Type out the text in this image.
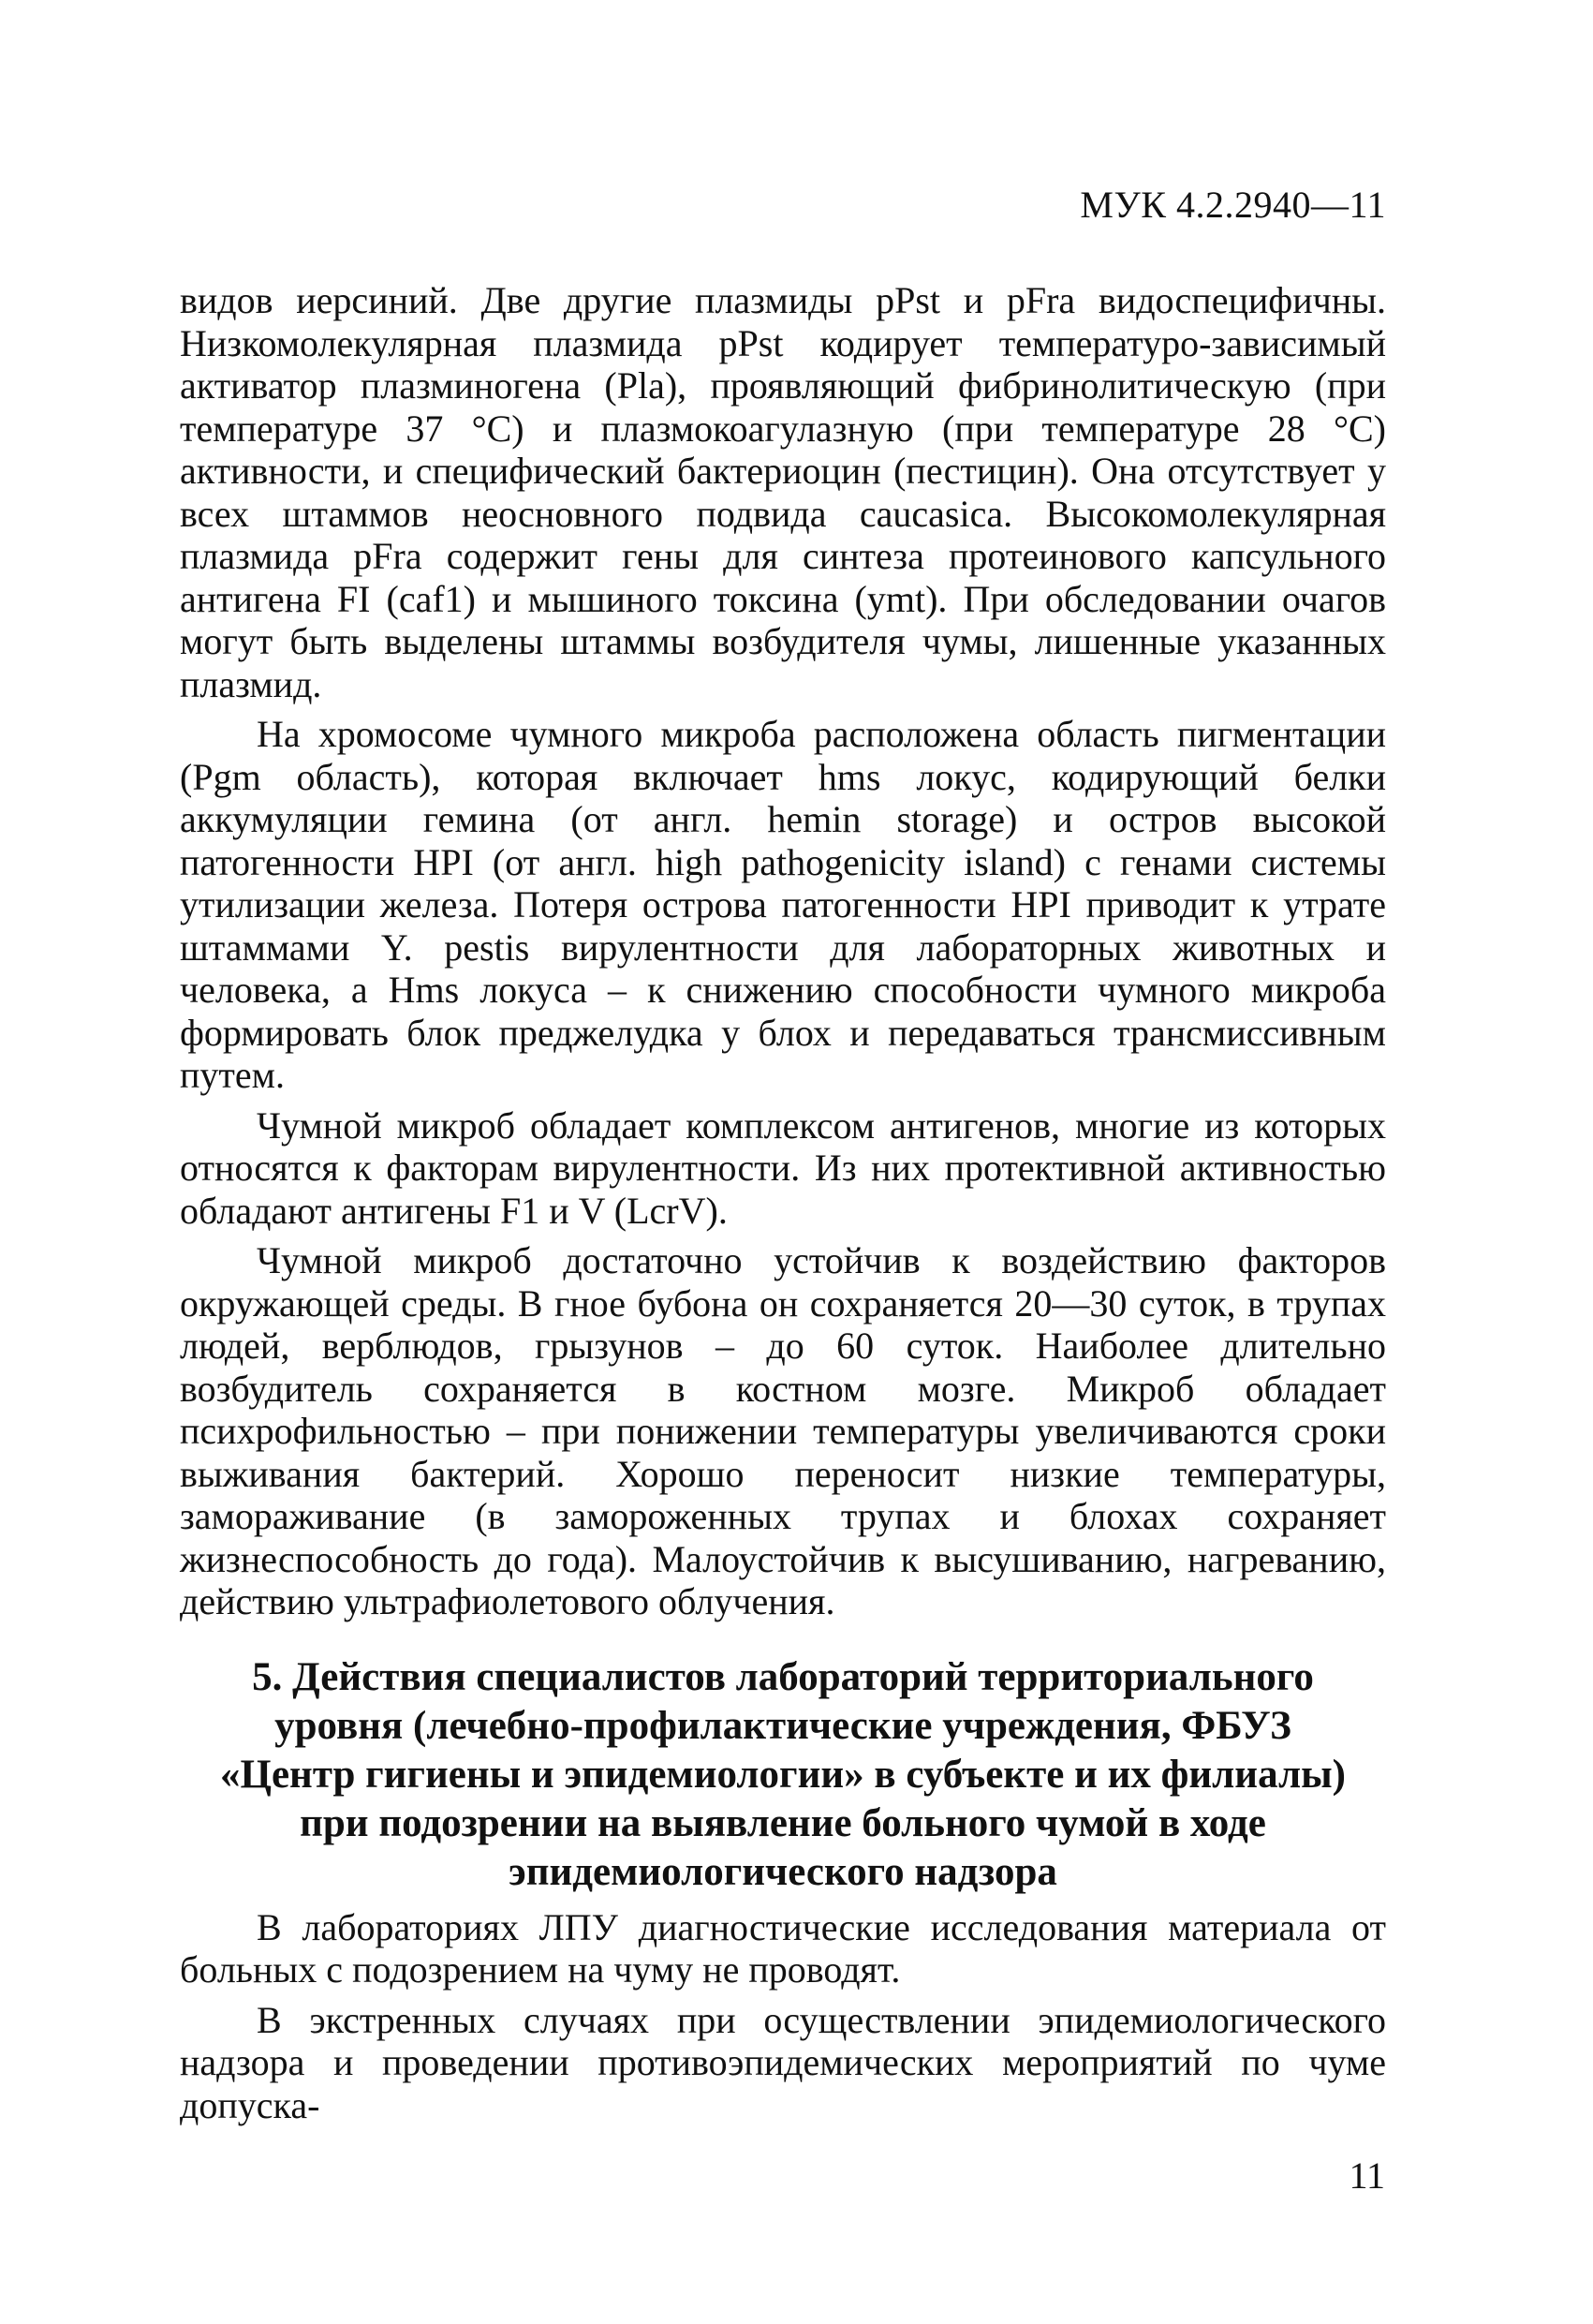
МУК 4.2.2940—11

видов иерсиний. Две другие плазмиды pPst и pFra видоспецифичны. Низкомолекулярная плазмида pPst кодирует температуро-зависимый активатор плазминогена (Pla), проявляющий фибринолитическую (при температуре 37 °С) и плазмокоагулазную (при температуре 28 °С) активности, и специфический бактериоцин (пестицин). Она отсутствует у всех штаммов неосновного подвида caucasica. Высокомолекулярная плазмида pFra содержит гены для синтеза протеинового капсульного антигена FI (caf1) и мышиного токсина (ymt). При обследовании очагов могут быть выделены штаммы возбудителя чумы, лишенные указанных плазмид.

На хромосоме чумного микроба расположена область пигментации (Pgm область), которая включает hms локус, кодирующий белки аккумуляции гемина (от англ. hemin storage) и остров высокой патогенности HPI (от англ. high pathogenicity island) с генами системы утилизации железа. Потеря острова патогенности HPI приводит к утрате штаммами Y. pestis вирулентности для лабораторных животных и человека, а Hms локуса – к снижению способности чумного микроба формировать блок преджелудка у блох и передаваться трансмиссивным путем.

Чумной микроб обладает комплексом антигенов, многие из которых относятся к факторам вирулентности. Из них протективной активностью обладают антигены F1 и V (LcrV).

Чумной микроб достаточно устойчив к воздействию факторов окружающей среды. В гное бубона он сохраняется 20—30 суток, в трупах людей, верблюдов, грызунов – до 60 суток. Наиболее длительно возбудитель сохраняется в костном мозге. Микроб обладает психрофильностью – при понижении температуры увеличиваются сроки выживания бактерий. Хорошо переносит низкие температуры, замораживание (в замороженных трупах и блохах сохраняет жизнеспособность до года). Малоустойчив к высушиванию, нагреванию, действию ультрафиолетового облучения.

5. Действия специалистов лабораторий территориального уровня (лечебно-профилактические учреждения, ФБУЗ «Центр гигиены и эпидемиологии» в субъекте и их филиалы) при подозрении на выявление больного чумой в ходе эпидемиологического надзора

В лабораториях ЛПУ диагностические исследования материала от больных с подозрением на чуму не проводят.

В экстренных случаях при осуществлении эпидемиологического надзора и проведении противоэпидемических мероприятий по чуме допуска-

11
